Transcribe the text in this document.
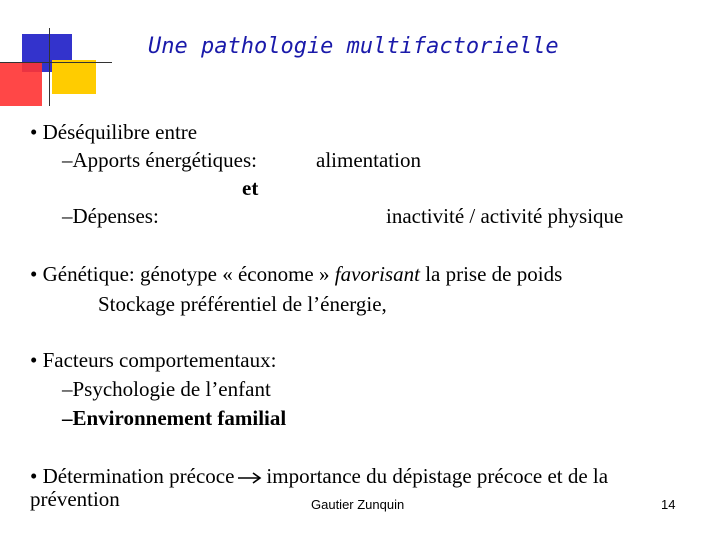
Une pathologie multifactorielle
• Déséquilibre entre
–Apports énergétiques:	alimentation
et
–Dépenses:	inactivité / activité physique
• Génétique: génotype « économe » favorisant la prise de poids
Stockage préférentiel de l’énergie,
• Facteurs comportementaux:
–Psychologie de l’enfant
–Environnement familial
• Détermination précoce importance du dépistage précoce et de la
prévention	Gautier Zunquin	14
